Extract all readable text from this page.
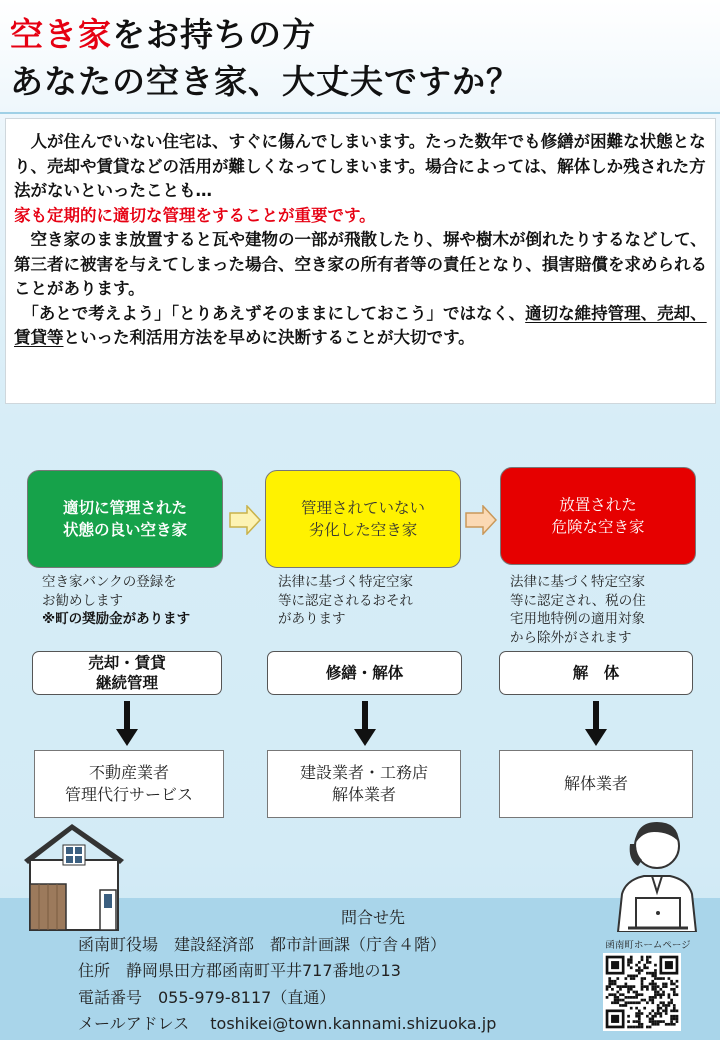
空き家をお持ちの方
あなたの空き家、大丈夫ですか？

　人が住んでいない住宅は、すぐに傷んでしまいます。たった数年でも修繕が困難な状態となり、売却や賃貸などの活用が難しくなってしまいます。場合によっては、解体しか残された方法がないといったことも…
家も定期的に適切な管理をすることが重要です。

　空き家のまま放置すると瓦や建物の一部が飛散したり、塀や樹木が倒れたりするなどして、第三者に被害を与えてしまった場合、空き家の所有者等の責任となり、損害賠償を求められることがあります。

　「あとで考えよう」「とりあえずそのままにしておこう」ではなく、適切な維持管理、売却、賃貸等といった利活用方法を早めに決断することが大切です。

適切に管理された
状態の良い空き家
管理されていない
劣化した空き家
放置された
危険な空き家
空き家バンクの登録を
お勧めします
※町の奨励金があります
法律に基づく特定空家
等に認定されるおそれ
があります
法律に基づく特定空家
等に認定され、税の住
宅用地特例の適用対象
から除外がされます
売却・賃貸
継続管理
修繕・解体	解　体
不動産業者
管理代行サービス
建設業者・工務店
解体業者
解体業者
問合せ先
函南町役場　建設経済部　都市計画課（庁舎４階）
住所　静岡県田方郡函南町平井717番地の13
電話番号　055-979-8117（直通）
メールアドレス　 toshikei@town.kannami.shizuoka.jp
函南町ホームページ
